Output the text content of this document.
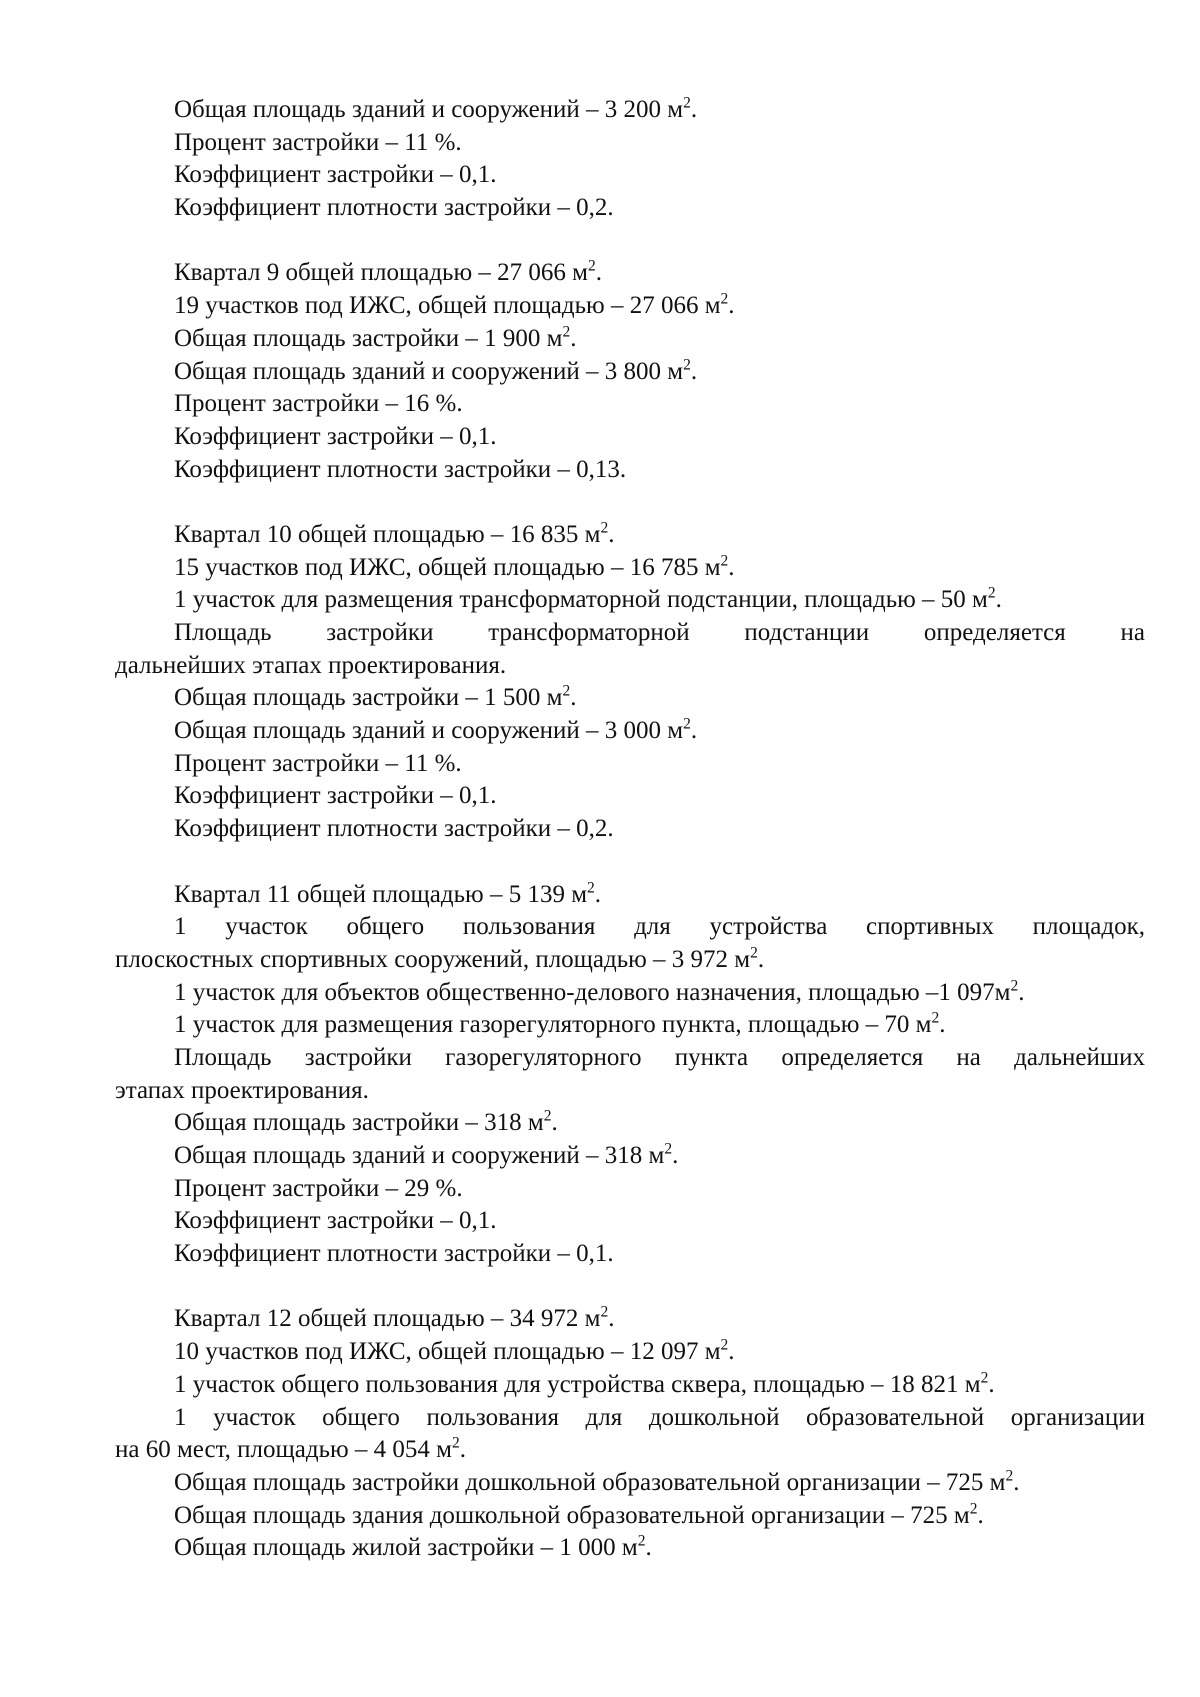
Общая площадь зданий и сооружений – 3 200 $м^2$.
Процент застройки – 11 %.
Коэффициент застройки – 0,1.
Коэффициент плотности застройки – 0,2.
Квартал 9 общей площадью – 27 066 $м^2$.
19 участков под ИЖС, общей площадью – 27 066 $м^2$.
Общая площадь застройки – 1 900 $м^2$.
Общая площадь зданий и сооружений – 3 800 $м^2$.
Процент застройки – 16 %.
Коэффициент застройки – 0,1.
Коэффициент плотности застройки – 0,13.
Квартал 10 общей площадью – 16 835 $м^2$.
15 участков под ИЖС, общей площадью – 16 785 $м^2$.
1 участок для размещения трансформаторной подстанции, площадью – 50 $м^2$.
Площадь застройки трансформаторной подстанции определяется на
дальнейших этапах проектирования.
Общая площадь застройки – 1 500 $м^2$.
Общая площадь зданий и сооружений – 3 000 $м^2$.
Процент застройки – 11 %.
Коэффициент застройки – 0,1.
Коэффициент плотности застройки – 0,2.
Квартал 11 общей площадью – 5 139 $м^2$.
1 участок общего пользования для устройства спортивных площадок,
плоскостных спортивных сооружений, площадью – 3 972 $м^2$.
1 участок для объектов общественно-делового назначения, площадью –1 $097м^2$.
1 участок для размещения газорегуляторного пункта, площадью – 70 $м^2$.
Площадь застройки газорегуляторного пункта определяется на дальнейших
этапах проектирования.
Общая площадь застройки – 318 $м^2$.
Общая площадь зданий и сооружений – 318 $м^2$.
Процент застройки – 29 %.
Коэффициент застройки – 0,1.
Коэффициент плотности застройки – 0,1.
Квартал 12 общей площадью – 34 972 $м^2$.
10 участков под ИЖС, общей площадью – 12 097 $м^2$.
1 участок общего пользования для устройства сквера, площадью – 18 821 $м^2$.
1 участок общего пользования для дошкольной образовательной организации
на 60 мест, площадью – 4 054 $м^2$.
Общая площадь застройки дошкольной образовательной организации – 725 $м^2$.
Общая площадь здания дошкольной образовательной организации – 725 $м^2$.
Общая площадь жилой застройки – 1 000 $м^2$.
